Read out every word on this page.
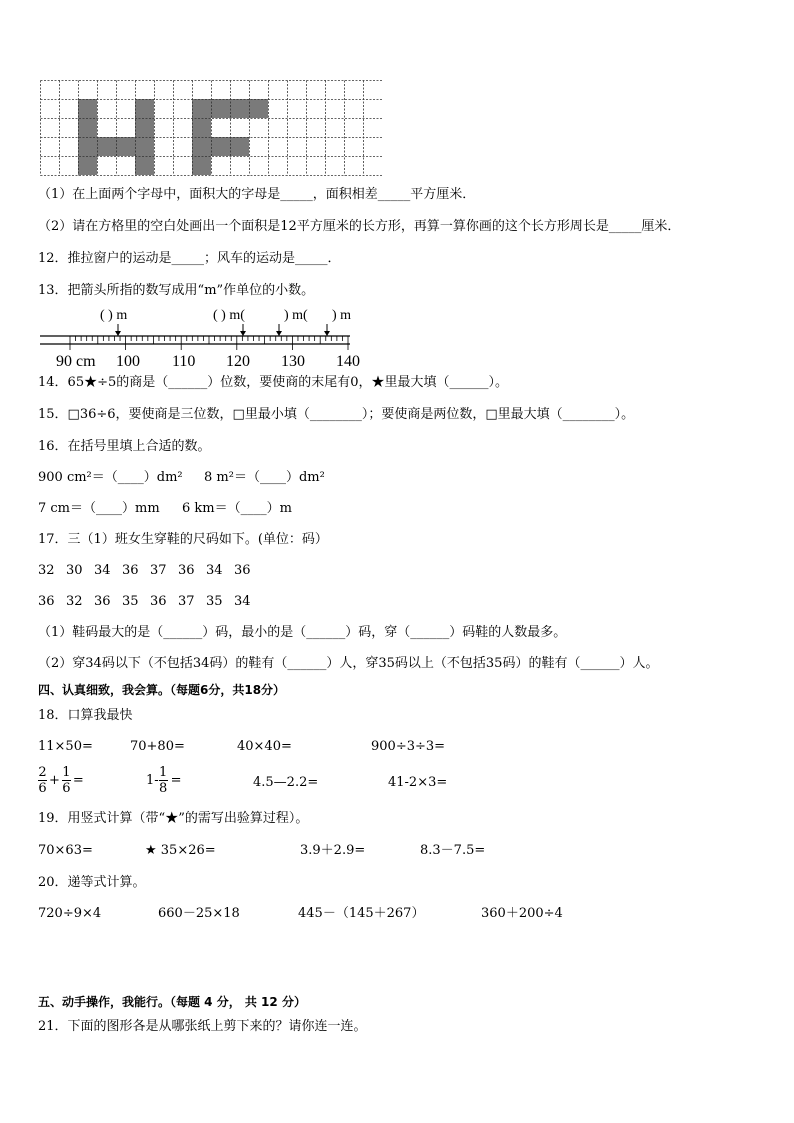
（1）在上面两个字母中，面积大的字母是_____，面积相差_____平方厘米．
（2）请在方格里的空白处画出一个面积是12平方厘米的长方形，再算一算你画的这个长方形周长是_____厘米．
12．推拉窗户的运动是_____；风车的运动是_____．
13．把箭头所指的数写成用“m”作单位的小数。
( ) m	( ) m(	) m( ) m
90 cm 100 110 120 130 140
14．65★÷5的商是（______）位数，要使商的末尾有0，★里最大填（______）。
15．□36÷6，要使商是三位数，□里最小填（________）；要使商是两位数，□里最大填（________）。
16．在括号里填上合适的数。
900 cm²＝（____）dm² 8 m²＝（____）dm²
7 cm＝（____）mm 6 km＝（____）m
17．三（1）班女生穿鞋的尺码如下。(单位：码）
32 30 34 36 37 36 34 36
36 32 36 35 36 37 35 34
（1）鞋码最大的是（______）码，最小的是（______）码，穿（______）码鞋的人数最多。
（2）穿34码以下（不包括34码）的鞋有（______）人，穿35码以上（不包括35码）的鞋有（______）人。
四、认真细致，我会算。（每题6分，共18分）
18．口算我最快
11×50=	70+80=	40×40=	900÷3÷3=
$\frac{2}{6} + \frac{1}{6}$ =	$1- \frac{1}{8}$ =	4.5—2.2=	41-2×3=
19．用竖式计算（带“★”的需写出验算过程）。
70×63=	★ 35×26=	3.9＋2.9=	8.3－7.5=
20．递等式计算。
720÷9×4	660－25×18	445－（145＋267）	360＋200÷4
五、动手操作，我能行。（每题 4 分， 共 12 分）
21．下面的图形各是从哪张纸上剪下来的？请你连一连。
